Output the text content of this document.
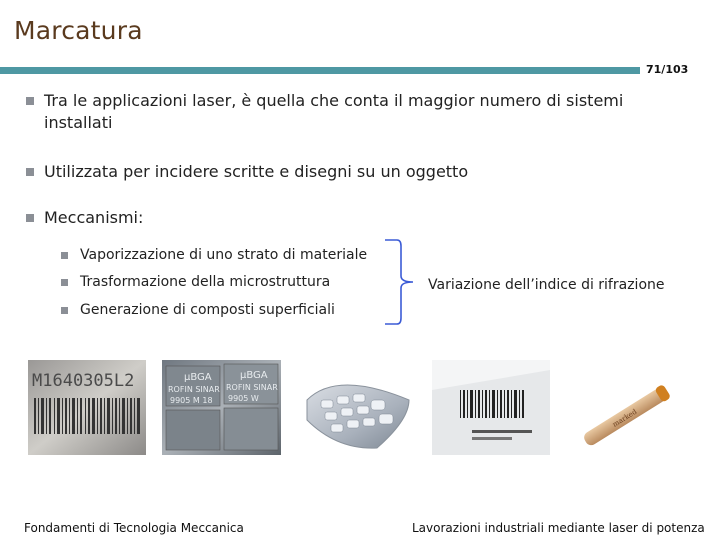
Marcatura
71/103
Tra le applicazioni laser, è quella che conta il maggior numero di sistemi installati
Utilizzata per incidere scritte e disegni su un oggetto
Meccanismi:
Vaporizzazione di uno strato di materiale
Trasformazione della microstruttura
Generazione di composti superficiali
Variazione dell’indice di rifrazione
M1640305L2	µBGA
ROFIN SINAR
9905 M 18
µBGA
ROFIN SINAR
9905 W
marked
Fondamenti di Tecnologia Meccanica	Lavorazioni industriali mediante laser di potenza
